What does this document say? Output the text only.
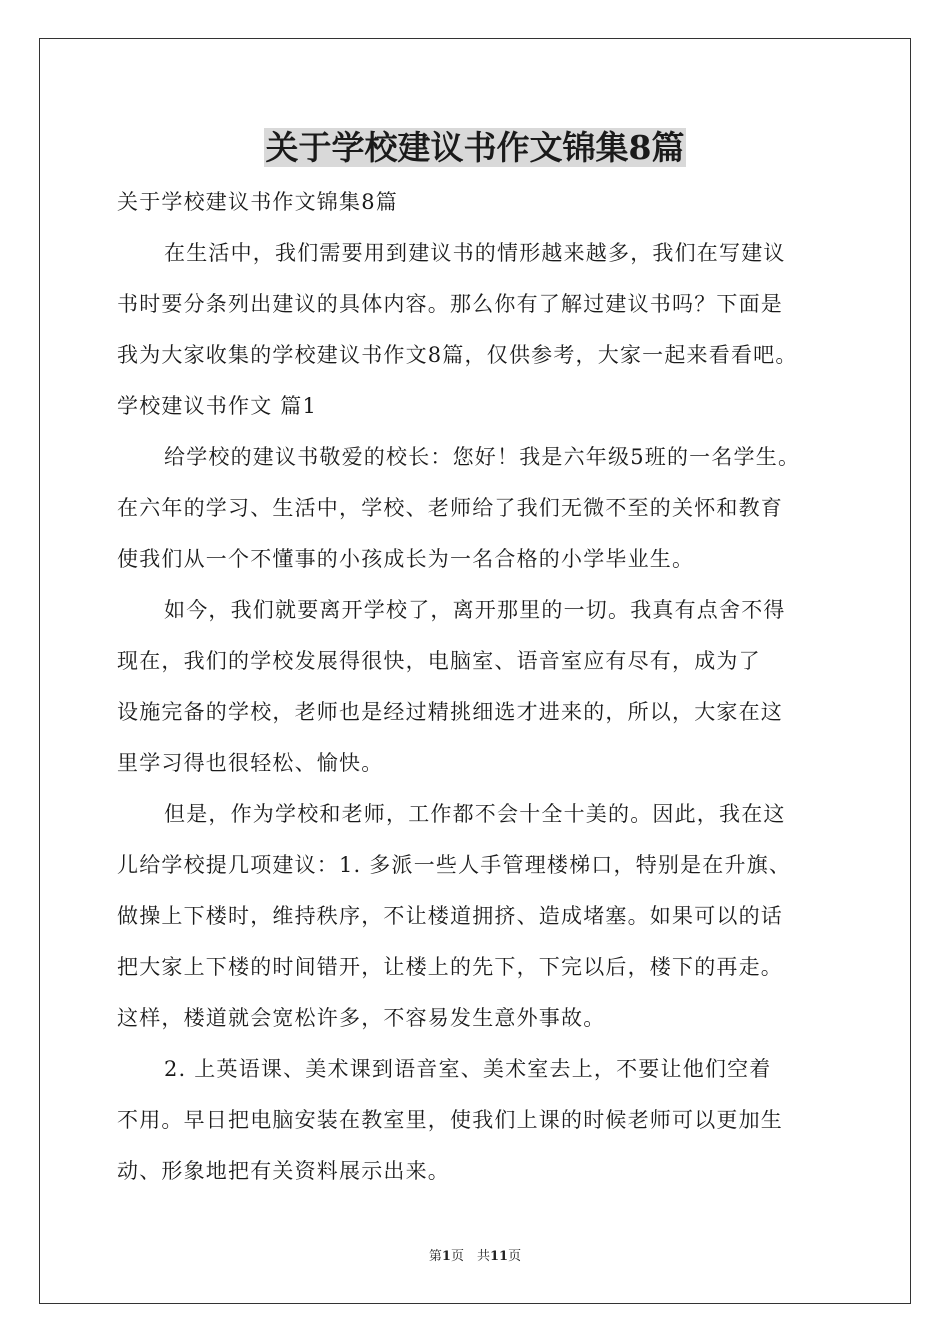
关于学校建议书作文锦集8篇
关于学校建议书作文锦集8篇
在生活中，我们需要用到建议书的情形越来越多，我们在写建议
书时要分条列出建议的具体内容。那么你有了解过建议书吗？下面是
我为大家收集的学校建议书作文8篇，仅供参考，大家一起来看看吧。
学校建议书作文 篇1
给学校的建议书敬爱的校长：您好！我是六年级5班的一名学生。
在六年的学习、生活中，学校、老师给了我们无微不至的关怀和教育
使我们从一个不懂事的小孩成长为一名合格的小学毕业生。
如今，我们就要离开学校了，离开那里的一切。我真有点舍不得
现在，我们的学校发展得很快，电脑室、语音室应有尽有，成为了
设施完备的学校，老师也是经过精挑细选才进来的，所以，大家在这
里学习得也很轻松、愉快。
但是，作为学校和老师，工作都不会十全十美的。因此，我在这
儿给学校提几项建议：1. 多派一些人手管理楼梯口，特别是在升旗、
做操上下楼时，维持秩序，不让楼道拥挤、造成堵塞。如果可以的话
把大家上下楼的时间错开，让楼上的先下，下完以后，楼下的再走。
这样，楼道就会宽松许多，不容易发生意外事故。
2. 上英语课、美术课到语音室、美术室去上，不要让他们空着
不用。早日把电脑安装在教室里，使我们上课的时候老师可以更加生
动、形象地把有关资料展示出来。
第1页　共11页
